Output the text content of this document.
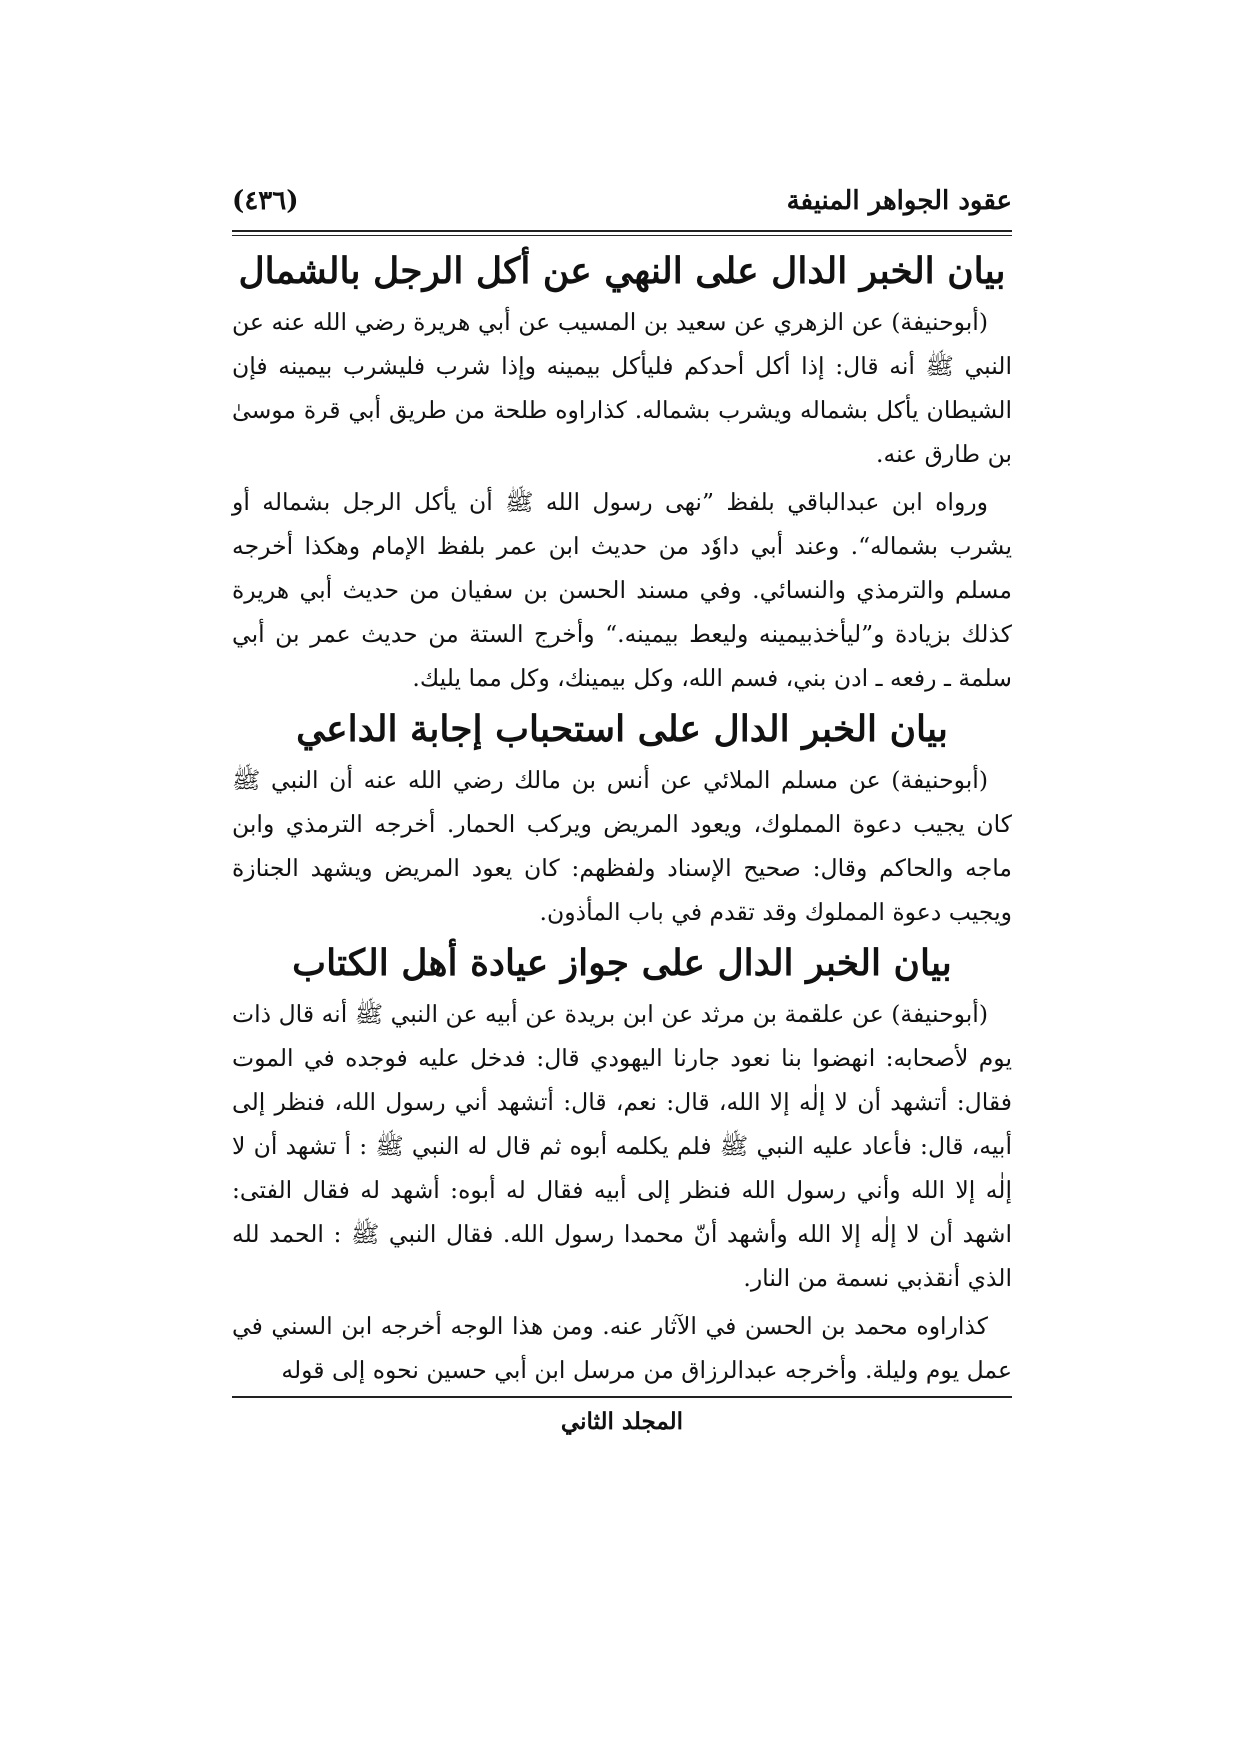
عقود الجواهر المنيفة
(٤٣٦)
بيان الخبر الدال على النهي عن أكل الرجل بالشمال

(أبوحنيفة) عن الزهري عن سعيد بن المسيب عن أبي هريرة رضي الله عنه عن النبي ﷺ أنه قال: إذا أكل أحدكم فليأكل بيمينه وإذا شرب فليشرب بيمينه فإن الشيطان يأكل بشماله ويشرب بشماله. كذاراوه طلحة من طريق أبي قرة موسىٰ بن طارق عنه.

ورواه ابن عبدالباقي بلفظ ”نهى رسول الله ﷺ أن يأكل الرجل بشماله أو يشرب بشماله“. وعند أبي داوٗد من حديث ابن عمر بلفظ الإمام وهكذا أخرجه مسلم والترمذي والنسائي. وفي مسند الحسن بن سفيان من حديث أبي هريرة كذلك بزيادة و”ليأخذبيمينه وليعط بيمينه.“ وأخرج الستة من حديث عمر بن أبي سلمة ـ رفعه ـ ادن بني، فسم الله، وكل بيمينك، وكل مما يليك.

بيان الخبر الدال على استحباب إجابة الداعي

(أبوحنيفة) عن مسلم الملائي عن أنس بن مالك رضي الله عنه أن النبي ﷺ كان يجيب دعوة المملوك، ويعود المريض ويركب الحمار. أخرجه الترمذي وابن ماجه والحاكم وقال: صحيح الإسناد ولفظهم: كان يعود المريض ويشهد الجنازة ويجيب دعوة المملوك وقد تقدم في باب المأذون.

بيان الخبر الدال على جواز عيادة أهل الكتاب

(أبوحنيفة) عن علقمة بن مرثد عن ابن بريدة عن أبيه عن النبي ﷺ أنه قال ذات يوم لأصحابه: انهضوا بنا نعود جارنا اليهودي قال: فدخل عليه فوجده في الموت فقال: أتشهد أن لا إلٰه إلا الله، قال: نعم، قال: أتشهد أني رسول الله، فنظر إلى أبيه، قال: فأعاد عليه النبي ﷺ فلم يكلمه أبوه ثم قال له النبي ﷺ : أ تشهد أن لا إلٰه إلا الله وأني رسول الله فنظر إلى أبيه فقال له أبوه: أشهد له فقال الفتى: اشهد أن لا إلٰه إلا الله وأشهد أنّ محمدا رسول الله. فقال النبي ﷺ : الحمد لله الذي أنقذبي نسمة من النار.

كذاراوه محمد بن الحسن في الآثار عنه. ومن هذا الوجه أخرجه ابن السني في عمل يوم وليلة. وأخرجه عبدالرزاق من مرسل ابن أبي حسين نحوه إلى قوله

المجلد الثاني
